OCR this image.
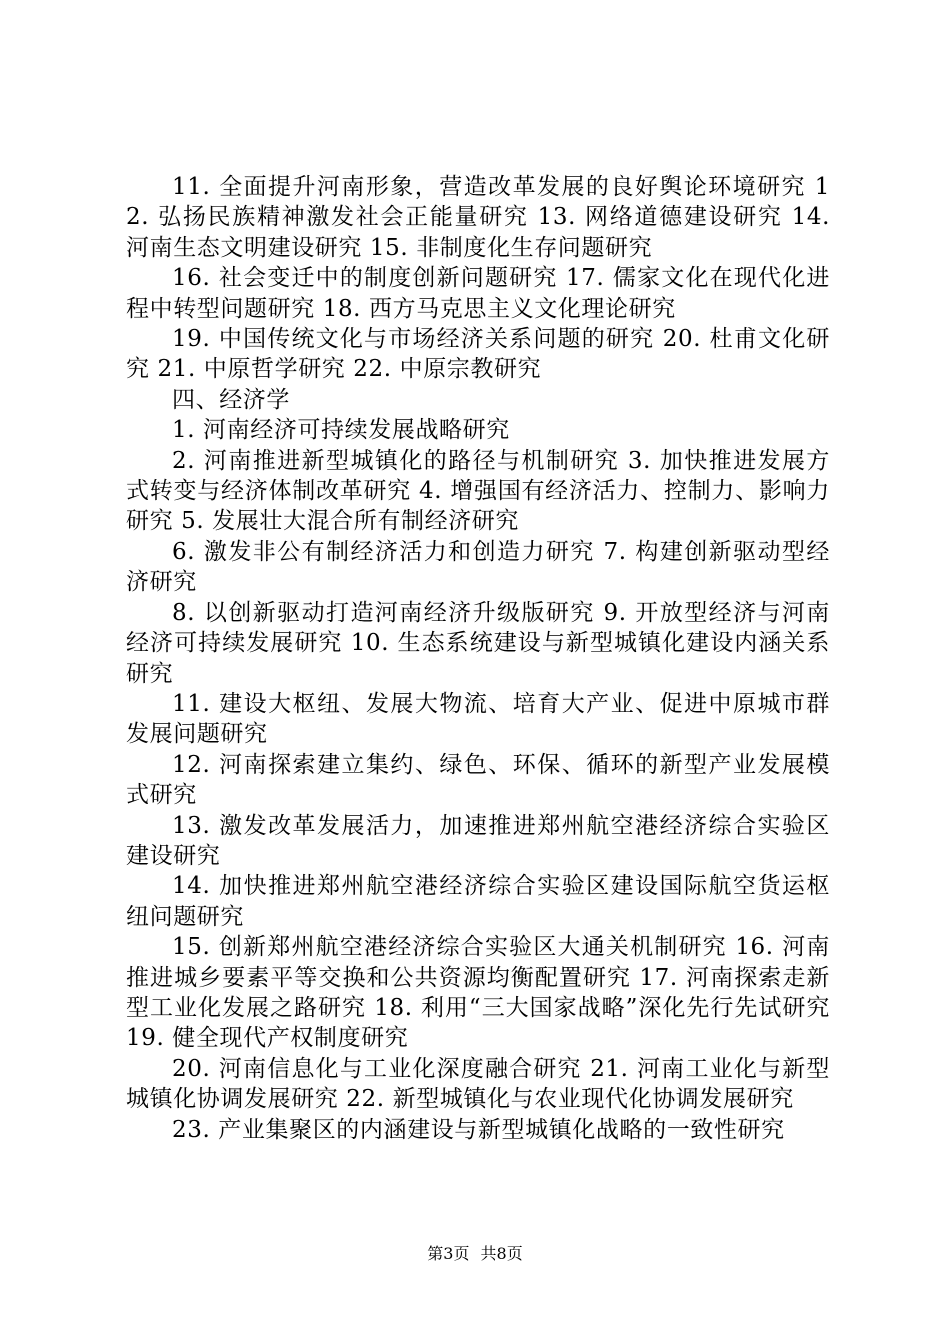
11. 全面提升河南形象，营造改革发展的良好舆论环境研究 12. 弘扬民族精神激发社会正能量研究 13. 网络道德建设研究 14. 河南生态文明建设研究 15. 非制度化生存问题研究

16. 社会变迁中的制度创新问题研究 17. 儒家文化在现代化进程中转型问题研究 18. 西方马克思主义文化理论研究

19. 中国传统文化与市场经济关系问题的研究 20. 杜甫文化研究 21. 中原哲学研究 22. 中原宗教研究

四、经济学

1. 河南经济可持续发展战略研究

2. 河南推进新型城镇化的路径与机制研究 3. 加快推进发展方式转变与经济体制改革研究 4. 增强国有经济活力、控制力、影响力研究 5. 发展壮大混合所有制经济研究

6. 激发非公有制经济活力和创造力研究 7. 构建创新驱动型经济研究

8. 以创新驱动打造河南经济升级版研究 9. 开放型经济与河南经济可持续发展研究 10. 生态系统建设与新型城镇化建设内涵关系研究

11. 建设大枢纽、发展大物流、培育大产业、促进中原城市群发展问题研究

12. 河南探索建立集约、绿色、环保、循环的新型产业发展模式研究

13. 激发改革发展活力，加速推进郑州航空港经济综合实验区建设研究

14. 加快推进郑州航空港经济综合实验区建设国际航空货运枢纽问题研究

15. 创新郑州航空港经济综合实验区大通关机制研究 16. 河南推进城乡要素平等交换和公共资源均衡配置研究 17. 河南探索走新型工业化发展之路研究 18. 利用“三大国家战略”深化先行先试研究 19. 健全现代产权制度研究

20. 河南信息化与工业化深度融合研究 21. 河南工业化与新型城镇化协调发展研究 22. 新型城镇化与农业现代化协调发展研究

23. 产业集聚区的内涵建设与新型城镇化战略的一致性研究

第3页 共8页
